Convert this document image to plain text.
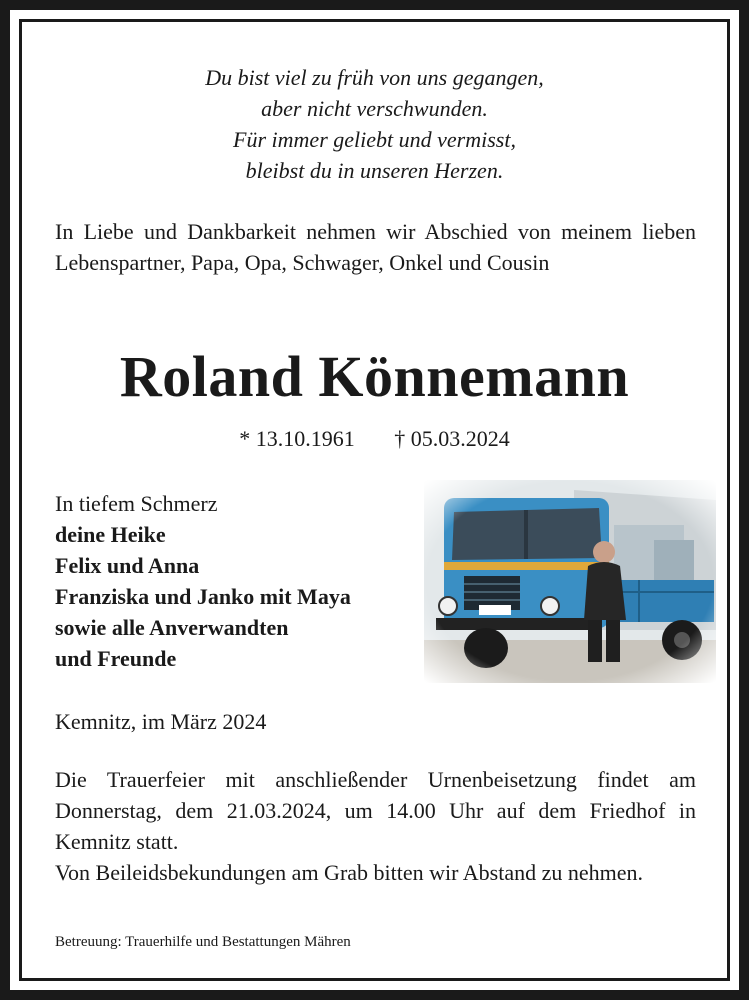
Du bist viel zu früh von uns gegangen,
aber nicht verschwunden.
Für immer geliebt und vermisst,
bleibst du in unseren Herzen.
In Liebe und Dankbarkeit nehmen wir Abschied von meinem lieben Lebenspartner, Papa, Opa, Schwager, Onkel und Cousin
Roland Könnemann
* 13.10.1961 † 05.03.2024
In tiefem Schmerz
deine Heike
Felix und Anna
Franziska und Janko mit Maya
sowie alle Anverwandten
und Freunde
Kemnitz, im März 2024

Die Trauerfeier mit anschließender Urnenbeisetzung findet am Donnerstag, dem 21.03.2024, um 14.00 Uhr auf dem Friedhof in Kemnitz statt.

Von Beileidsbekundungen am Grab bitten wir Abstand zu nehmen.

Betreuung: Trauerhilfe und Bestattungen Mähren
